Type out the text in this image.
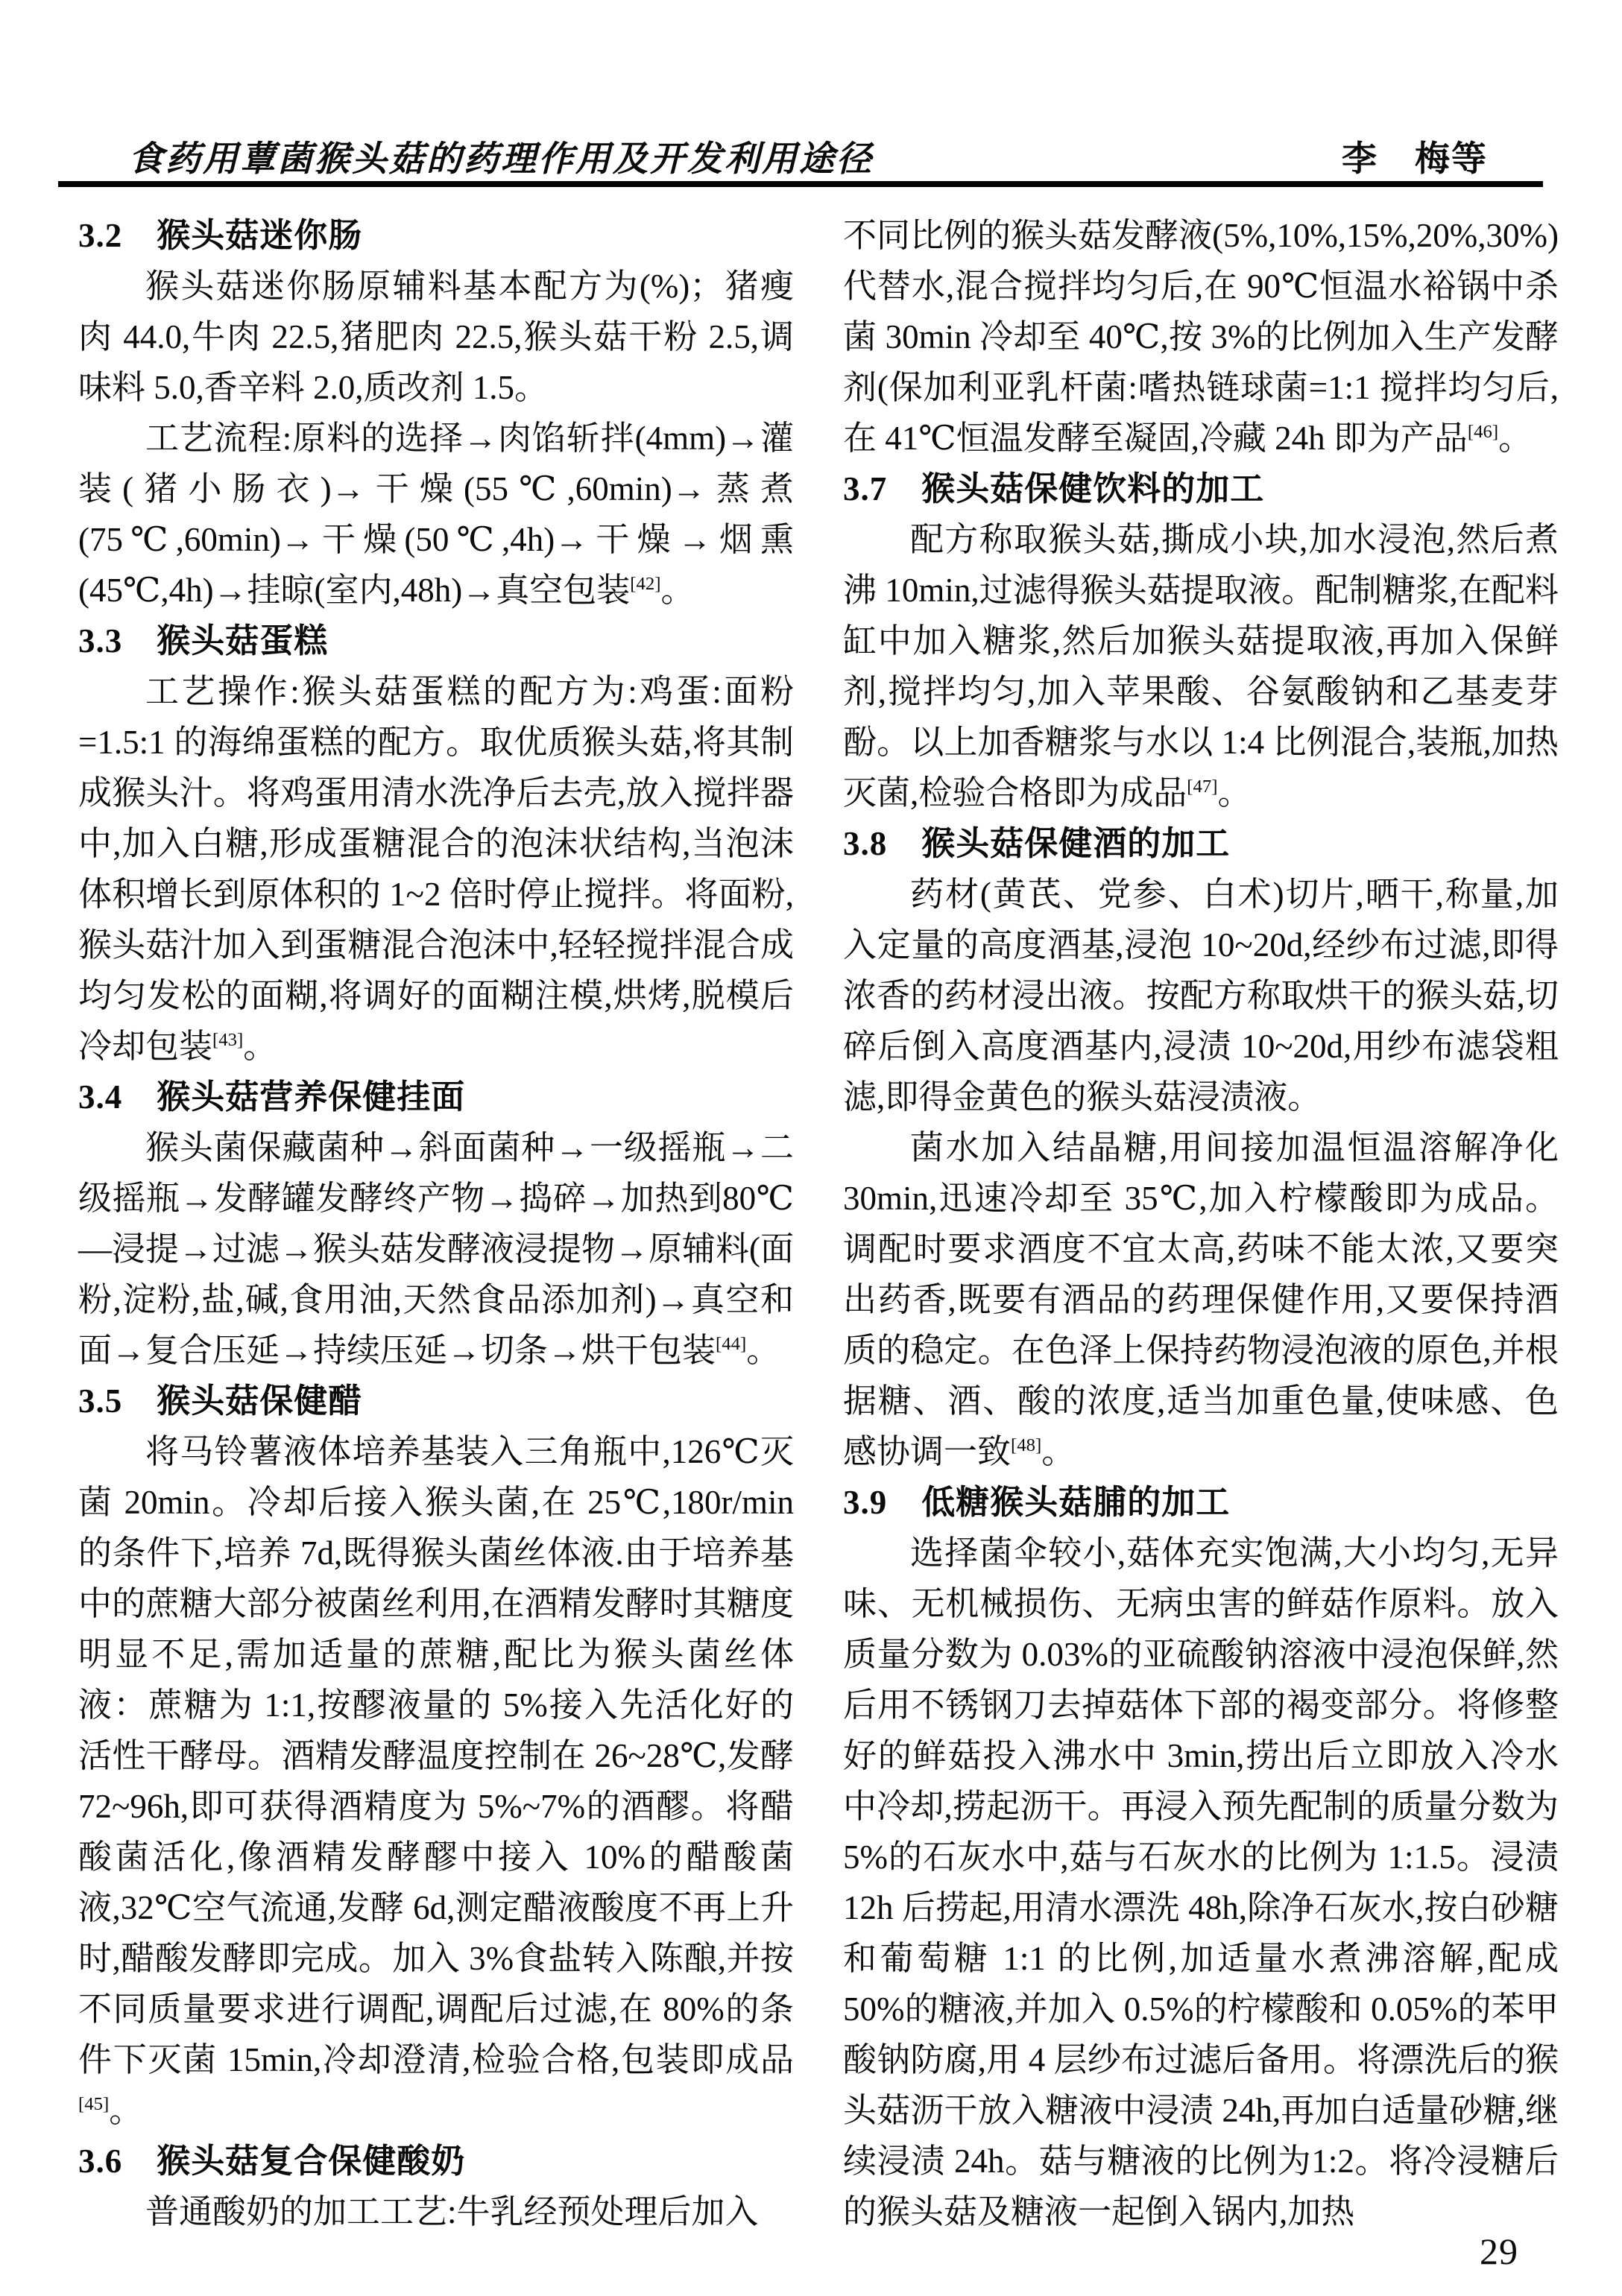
食药用蕈菌猴头菇的药理作用及开发利用途径	李　梅等
3.2 猴头菇迷你肠

猴头菇迷你肠原辅料基本配方为(%)；猪瘦肉 44.0,牛肉 22.5,猪肥肉 22.5,猴头菇干粉 2.5,调味料 5.0,香辛料 2.0,质改剂 1.5。

工艺流程:原料的选择→肉馅斩拌(4mm)→灌装(猪小肠衣)→干燥(55℃,60min)→蒸煮(75℃,60min)→干燥(50℃,4h)→干燥→烟熏(45℃,4h)→挂晾(室内,48h)→真空包装[42]。

3.3 猴头菇蛋糕

工艺操作:猴头菇蛋糕的配方为:鸡蛋:面粉=1.5:1 的海绵蛋糕的配方。取优质猴头菇,将其制成猴头汁。将鸡蛋用清水洗净后去壳,放入搅拌器中,加入白糖,形成蛋糖混合的泡沫状结构,当泡沫体积增长到原体积的 1~2 倍时停止搅拌。将面粉,猴头菇汁加入到蛋糖混合泡沫中,轻轻搅拌混合成均匀发松的面糊,将调好的面糊注模,烘烤,脱模后冷却包装[43]。

3.4 猴头菇营养保健挂面

猴头菌保藏菌种→斜面菌种→一级摇瓶→二级摇瓶→发酵罐发酵终产物→捣碎→加热到80℃—浸提→过滤→猴头菇发酵液浸提物→原辅料(面粉,淀粉,盐,碱,食用油,天然食品添加剂)→真空和面→复合压延→持续压延→切条→烘干包装[44]。

3.5 猴头菇保健醋

将马铃薯液体培养基装入三角瓶中,126℃灭菌 20min。冷却后接入猴头菌,在 25℃,180r/min 的条件下,培养 7d,既得猴头菌丝体液.由于培养基中的蔗糖大部分被菌丝利用,在酒精发酵时其糖度明显不足,需加适量的蔗糖,配比为猴头菌丝体液：蔗糖为 1:1,按醪液量的 5%接入先活化好的活性干酵母。酒精发酵温度控制在 26~28℃,发酵 72~96h,即可获得酒精度为 5%~7%的酒醪。将醋酸菌活化,像酒精发酵醪中接入 10%的醋酸菌液,32℃空气流通,发酵 6d,测定醋液酸度不再上升时,醋酸发酵即完成。加入 3%食盐转入陈酿,并按不同质量要求进行调配,调配后过滤,在 80%的条件下灭菌 15min,冷却澄清,检验合格,包装即成品[45]。

3.6 猴头菇复合保健酸奶

普通酸奶的加工工艺:牛乳经预处理后加入

不同比例的猴头菇发酵液(5%,10%,15%,20%,30%)代替水,混合搅拌均匀后,在 90℃恒温水裕锅中杀菌 30min 冷却至 40℃,按 3%的比例加入生产发酵剂(保加利亚乳杆菌:嗜热链球菌=1:1 搅拌均匀后,在 41℃恒温发酵至凝固,冷藏 24h 即为产品[46]。

3.7 猴头菇保健饮料的加工

配方称取猴头菇,撕成小块,加水浸泡,然后煮沸 10min,过滤得猴头菇提取液。配制糖浆,在配料缸中加入糖浆,然后加猴头菇提取液,再加入保鲜剂,搅拌均匀,加入苹果酸、谷氨酸钠和乙基麦芽酚。以上加香糖浆与水以 1:4 比例混合,装瓶,加热灭菌,检验合格即为成品[47]。

3.8 猴头菇保健酒的加工

药材(黄芪、党参、白术)切片,晒干,称量,加入定量的高度酒基,浸泡 10~20d,经纱布过滤,即得浓香的药材浸出液。按配方称取烘干的猴头菇,切碎后倒入高度酒基内,浸渍 10~20d,用纱布滤袋粗滤,即得金黄色的猴头菇浸渍液。

菌水加入结晶糖,用间接加温恒温溶解净化30min,迅速冷却至 35℃,加入柠檬酸即为成品。调配时要求酒度不宜太高,药味不能太浓,又要突出药香,既要有酒品的药理保健作用,又要保持酒质的稳定。在色泽上保持药物浸泡液的原色,并根据糖、酒、酸的浓度,适当加重色量,使味感、色感协调一致[48]。

3.9 低糖猴头菇脯的加工

选择菌伞较小,菇体充实饱满,大小均匀,无异味、无机械损伤、无病虫害的鲜菇作原料。放入质量分数为 0.03%的亚硫酸钠溶液中浸泡保鲜,然后用不锈钢刀去掉菇体下部的褐变部分。将修整好的鲜菇投入沸水中 3min,捞出后立即放入冷水中冷却,捞起沥干。再浸入预先配制的质量分数为 5%的石灰水中,菇与石灰水的比例为 1:1.5。浸渍 12h 后捞起,用清水漂洗 48h,除净石灰水,按白砂糖和葡萄糖 1:1 的比例,加适量水煮沸溶解,配成 50%的糖液,并加入 0.5%的柠檬酸和 0.05%的苯甲酸钠防腐,用 4 层纱布过滤后备用。将漂洗后的猴头菇沥干放入糖液中浸渍 24h,再加白适量砂糖,继续浸渍 24h。菇与糖液的比例为1:2。将冷浸糖后的猴头菇及糖液一起倒入锅内,加热

29
